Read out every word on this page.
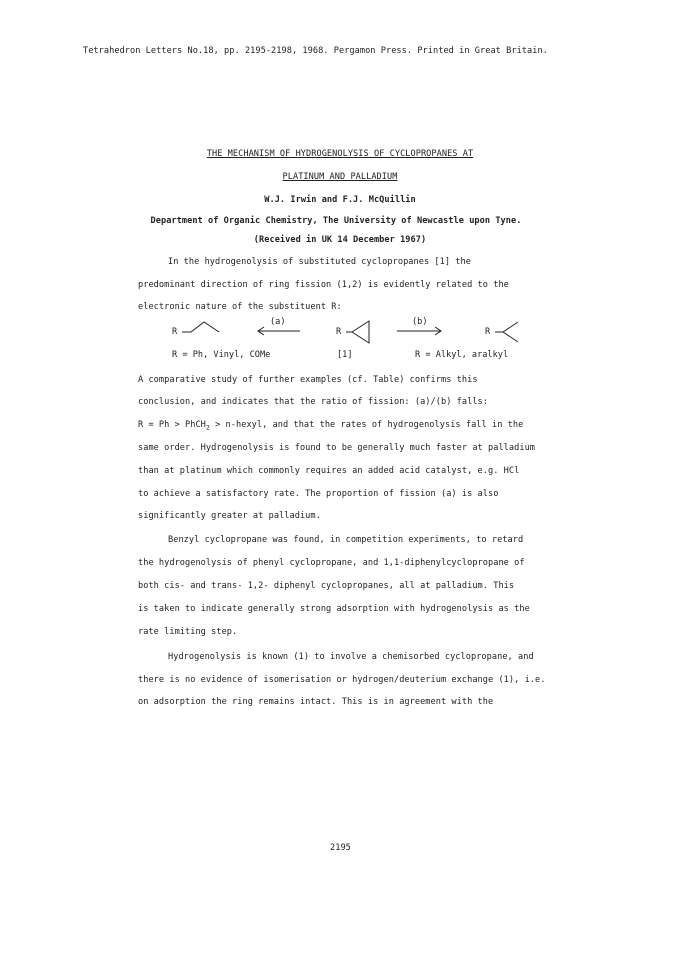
Tetrahedron Letters No.18, pp. 2195-2198, 1968. Pergamon Press. Printed in Great Britain.
THE MECHANISM OF HYDROGENOLYSIS OF CYCLOPROPANES AT
PLATINUM AND PALLADIUM
W.J. Irwin and F.J. McQuillin
Department of Organic Chemistry, The University of Newcastle upon Tyne.
(Received in UK 14 December 1967)
In the hydrogenolysis of substituted cyclopropanes [1] the
predominant direction of ring fission (1,2) is evidently related to the
electronic nature of the substituent R:
R	R	R
(a)	(b)
R = Ph, Vinyl, COMe	[1]	R = Alkyl, aralkyl
A comparative study of further examples (cf. Table) confirms this
conclusion, and indicates that the ratio of fission: (a)/(b) falls:
R = Ph > PhCH$_2$ > n-hexyl, and that the rates of hydrogenolysis fall in the
same order. Hydrogenolysis is found to be generally much faster at palladium
than at platinum which commonly requires an added acid catalyst, e.g. HCl
to achieve a satisfactory rate. The proportion of fission (a) is also
significantly greater at palladium.
Benzyl cyclopropane was found, in competition experiments, to retard
the hydrogenolysis of phenyl cyclopropane, and 1,1-diphenylcyclopropane of
both cis- and trans- 1,2- diphenyl cyclopropanes, all at palladium. This
is taken to indicate generally strong adsorption with hydrogenolysis as the
rate limiting step.
Hydrogenolysis is known (1) to involve a chemisorbed cyclopropane, and
there is no evidence of isomerisation or hydrogen/deuterium exchange (1), i.e.
on adsorption the ring remains intact. This is in agreement with the
2195
